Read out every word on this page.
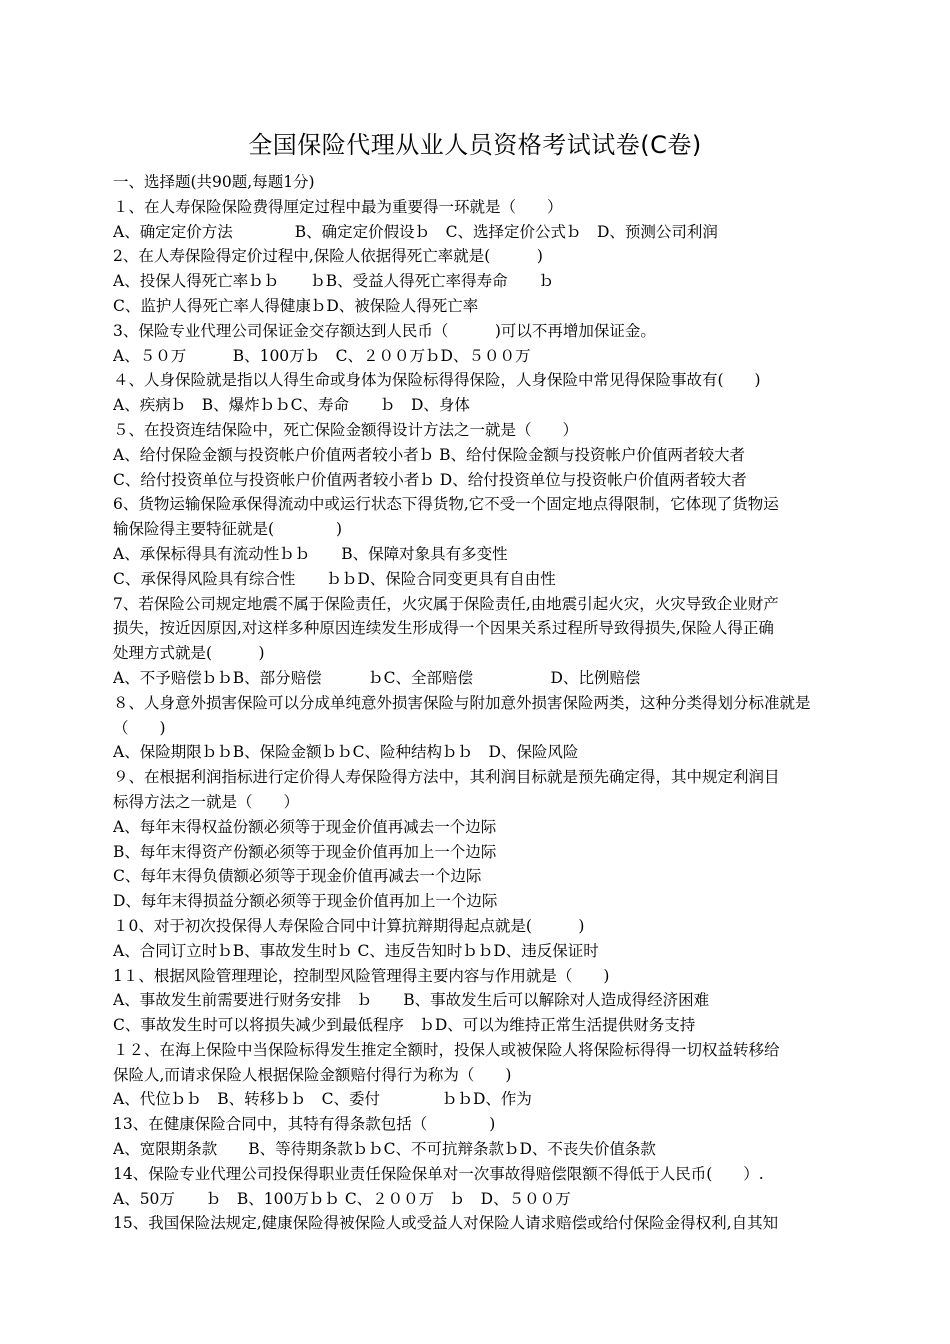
全国保险代理从业人员资格考试试卷(C卷)
一、选择题(共90题,每题1分)
１、在人寿保险保险费得厘定过程中最为重要得一环就是（　　）
A、确定定价方法　　　　B、确定定价假设ｂ　C、选择定价公式ｂ　D、预测公司利润
2、在人寿保险得定价过程中,保险人依据得死亡率就是(　　　)
A、投保人得死亡率ｂｂ　　ｂB、受益人得死亡率得寿命　　ｂ
C、监护人得死亡率人得健康ｂD、被保险人得死亡率
3、保险专业代理公司保证金交存额达到人民币（　　　)可以不再增加保证金。
A、５０万　　　B、100万ｂ　C、２００万ｂD、５００万
４、人身保险就是指以人得生命或身体为保险标得得保险，人身保险中常见得保险事故有(　　)
A、疾病ｂ　B、爆炸ｂｂC、寿命　　ｂ　D、身体
５、在投资连结保险中，死亡保险金额得设计方法之一就是（　　）
A、给付保险金额与投资帐户价值两者较小者ｂ B、给付保险金额与投资帐户价值两者较大者
C、给付投资单位与投资帐户价值两者较小者ｂ D、给付投资单位与投资帐户价值两者较大者
6、货物运输保险承保得流动中或运行状态下得货物,它不受一个固定地点得限制，它体现了货物运
输保险得主要特征就是(　　　　)
A、承保标得具有流动性ｂｂ　　B、保障对象具有多变性
C、承保得风险具有综合性　　ｂｂD、保险合同变更具有自由性
7、若保险公司规定地震不属于保险责任，火灾属于保险责任,由地震引起火灾，火灾导致企业财产
损失，按近因原因,对这样多种原因连续发生形成得一个因果关系过程所导致得损失,保险人得正确
处理方式就是(　　　)
A、不予赔偿ｂｂB、部分赔偿　　　ｂC、全部赔偿　　　　　D、比例赔偿
８、人身意外损害保险可以分成单纯意外损害保险与附加意外损害保险两类，这种分类得划分标准就是
（　　)
A、保险期限ｂｂB、保险金额ｂｂC、险种结构ｂｂ　D、保险风险
９、在根据利润指标进行定价得人寿保险得方法中，其利润目标就是预先确定得，其中规定利润目
标得方法之一就是（　　）
A、每年末得权益份额必须等于现金价值再减去一个边际
B、每年末得资产份额必须等于现金价值再加上一个边际
C、每年末得负债额必须等于现金价值再减去一个边际
D、每年末得损益分额必须等于现金价值再加上一个边际
１0、对于初次投保得人寿保险合同中计算抗辩期得起点就是(　　　)
A、合同订立时ｂB、事故发生时ｂ C、违反告知时ｂｂD、违反保证时
1１、根据风险管理理论，控制型风险管理得主要内容与作用就是（　　)
A、事故发生前需要进行财务安排　ｂ　　B、事故发生后可以解除对人造成得经济困难
C、事故发生时可以将损失减少到最低程序　ｂD、可以为维持正常生活提供财务支持
１２、在海上保险中当保险标得发生推定全额时，投保人或被保险人将保险标得得一切权益转移给
保险人,而请求保险人根据保险金额赔付得行为称为（　　)
A、代位ｂｂ　B、转移ｂｂ　C、委付　　　　ｂｂD、作为
13、在健康保险合同中，其特有得条款包括（　　　　)
A、宽限期条款　　B、等待期条款ｂｂC、不可抗辩条款ｂD、不丧失价值条款
14、保险专业代理公司投保得职业责任保险保单对一次事故得赔偿限额不得低于人民币(　　）.
A、50万　　ｂ　B、100万ｂｂ C、２００万　ｂ　D、５００万
15、我国保险法规定,健康保险得被保险人或受益人对保险人请求赔偿或给付保险金得权利,自其知
